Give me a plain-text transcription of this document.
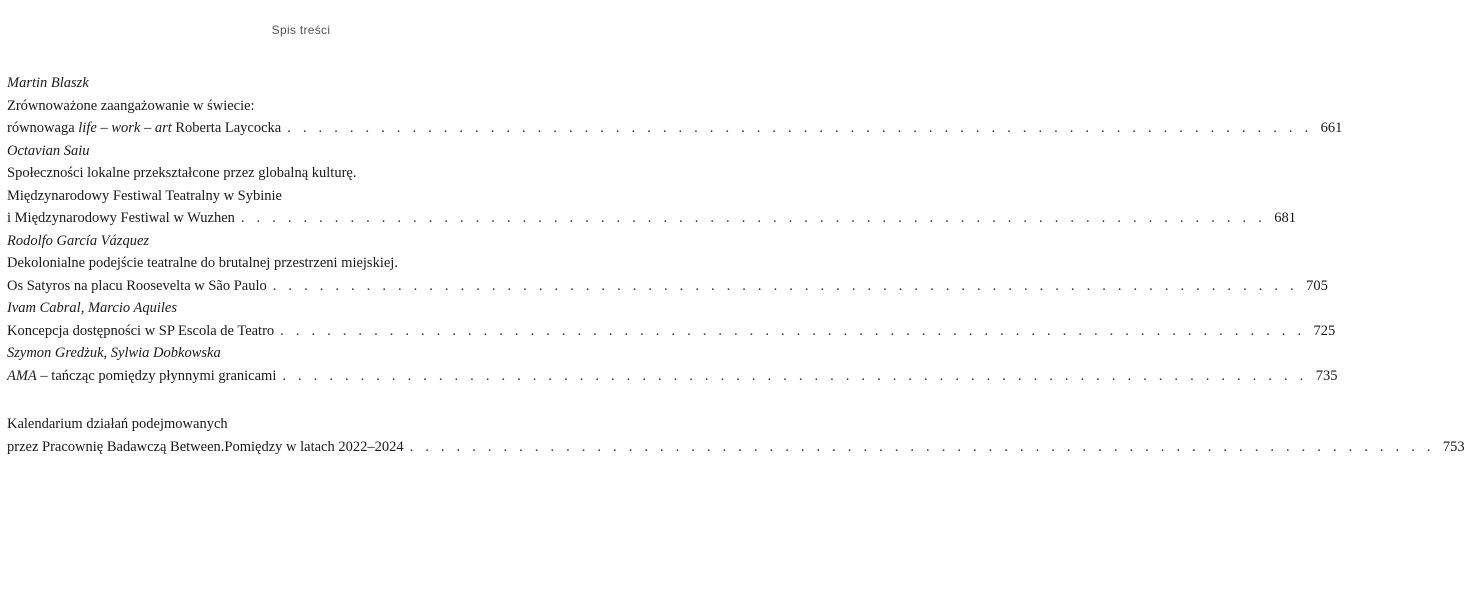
Spis treści
Martin Blaszk
Zrównoważone zaangażowanie w świecie:
równowaga life – work – art Roberta Laycocka . . . . . . . . . . . . . . . . . . . . . . . . . . . . . . . . . . . . . . . . . . . . . . . . . . . . . . . . . . . . . . . . . . 661
Octavian Saiu
Społeczności lokalne przekształcone przez globalną kulturę.
Międzynarodowy Festiwal Teatralny w Sybinie
i Międzynarodowy Festiwal w Wuzhen . . . . . . . . . . . . . . . . . . . . . . . . . . . . . . . . . . . . . . . . . . . . . . . . . . . . . . . . . . . . . . . . . . 681
Rodolfo García Vázquez
Dekolonialne podejście teatralne do brutalnej przestrzeni miejskiej.
Os Satyros na placu Roosevelta w São Paulo . . . . . . . . . . . . . . . . . . . . . . . . . . . . . . . . . . . . . . . . . . . . . . . . . . . . . . . . . . . . . . . . . . 705
Ivam Cabral, Marcio Aquiles
Koncepcja dostępności w SP Escola de Teatro . . . . . . . . . . . . . . . . . . . . . . . . . . . . . . . . . . . . . . . . . . . . . . . . . . . . . . . . . . . . . . . . . . 725
Szymon Gredżuk, Sylwia Dobkowska
AMA – tańcząc pomiędzy płynnymi granicami . . . . . . . . . . . . . . . . . . . . . . . . . . . . . . . . . . . . . . . . . . . . . . . . . . . . . . . . . . . . . . . . . . 735
Kalendarium działań podejmowanych
przez Pracownię Badawczą Between.Pomiędzy w latach 2022–2024 . . . . . . . . . . . . . . . . . . . . . . . . . . . . . . . . . . . . . . . . . . . . . . . . . . . . . . . . . . . . . . . . . . 753
